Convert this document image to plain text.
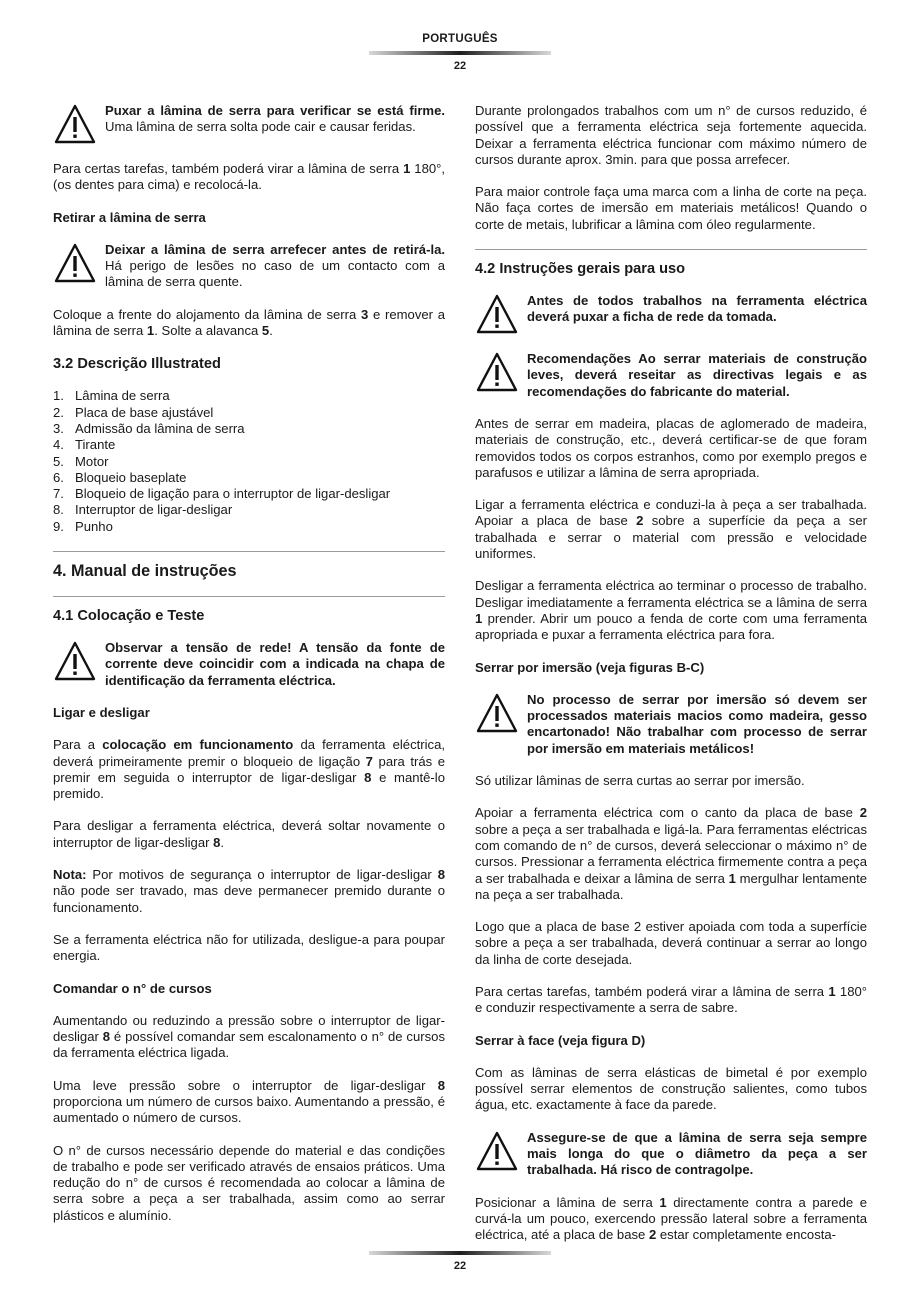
PORTUGUÊS
22
Puxar a lâmina de serra para verificar se está firme. Uma lâmina de serra solta pode cair e causar feridas.

Para certas tarefas, também poderá virar a lâmina de serra 1 180°, (os dentes para cima) e recolocá-la.

Retirar a lâmina de serra
Deixar a lâmina de serra arrefecer antes de retirá-la. Há perigo de lesões no caso de um contacto com a lâmina de serra quente.

Coloque a frente do alojamento da lâmina de serra 3 e remover a lâmina de serra 1. Solte a alavanca 5.

3.2 Descrição Illustrated
1. Lâmina de serra
2. Placa de base ajustável
3. Admissão da lâmina de serra
4. Tirante
5. Motor
6. Bloqueio baseplate
7. Bloqueio de ligação para o interruptor de ligar-desligar
8. Interruptor de ligar-desligar
9. Punho
4. Manual de instruções
4.1 Colocação e Teste
Observar a tensão de rede! A tensão da fonte de corrente deve coincidir com a indicada na chapa de identificação da ferramenta eléctrica.
Ligar e desligar

Para a colocação em funcionamento da ferramenta eléctrica, deverá primeiramente premir o bloqueio de ligação 7 para trás e premir em seguida o interruptor de ligar-desligar 8 e mantê-lo premido.

Para desligar a ferramenta eléctrica, deverá soltar novamente o interruptor de ligar-desligar 8.

Nota: Por motivos de segurança o interruptor de ligar-desligar 8 não pode ser travado, mas deve permanecer premido durante o funcionamento.

Se a ferramenta eléctrica não for utilizada, desligue-a para poupar energia.

Comandar o n° de cursos

Aumentando ou reduzindo a pressão sobre o interruptor de ligar-desligar 8 é possível comandar sem escalonamento o n° de cursos da ferramenta eléctrica ligada.

Uma leve pressão sobre o interruptor de ligar-desligar 8 proporciona um número de cursos baixo. Aumentando a pressão, é aumentado o número de cursos.

O n° de cursos necessário depende do material e das condições de trabalho e pode ser verificado através de ensaios práticos. Uma redução do n° de cursos é recomendada ao colocar a lâmina de serra sobre a peça a ser trabalhada, assim como ao serrar plásticos e alumínio.

Durante prolongados trabalhos com um n° de cursos reduzido, é possível que a ferramenta eléctrica seja fortemente aquecida. Deixar a ferramenta eléctrica funcionar com máximo número de cursos durante aprox. 3min. para que possa arrefecer.

Para maior controle faça uma marca com a linha de corte na peça. Não faça cortes de imersão em materiais metálicos! Quando o corte de metais, lubrificar a lâmina com óleo regularmente.

4.2 Instruções gerais para uso
Antes de todos trabalhos na ferramenta eléctrica deverá puxar a ficha de rede da tomada.
Recomendações Ao serrar materiais de construção leves, deverá reseitar as directivas legais e as recomendações do fabricante do material.

Antes de serrar em madeira, placas de aglomerado de madeira, materiais de construção, etc., deverá certificar-se de que foram removidos todos os corpos estranhos, como por exemplo pregos e parafusos e utilizar a lâmina de serra apropriada.

Ligar a ferramenta eléctrica e conduzi-la à peça a ser trabalhada. Apoiar a placa de base 2 sobre a superfície da peça a ser trabalhada e serrar o material com pressão e velocidade uniformes.

Desligar a ferramenta eléctrica ao terminar o processo de trabalho. Desligar imediatamente a ferramenta eléctrica se a lâmina de serra 1 prender. Abrir um pouco a fenda de corte com uma ferramenta apropriada e puxar a ferramenta eléctrica para fora.

Serrar por imersão (veja figuras B-C)
No processo de serrar por imersão só devem ser processados materiais macios como madeira, gesso encartonado! Não trabalhar com processo de serrar por imersão em materiais metálicos!

Só utilizar lâminas de serra curtas ao serrar por imersão.

Apoiar a ferramenta eléctrica com o canto da placa de base 2 sobre a peça a ser trabalhada e ligá-la. Para ferramentas eléctricas com comando de n° de cursos, deverá seleccionar o máximo n° de cursos. Pressionar a ferramenta eléctrica firmemente contra a peça a ser trabalhada e deixar a lâmina de serra 1 mergulhar lentamente na peça a ser trabalhada.

Logo que a placa de base 2 estiver apoiada com toda a superfície sobre a peça a ser trabalhada, deverá continuar a serrar ao longo da linha de corte desejada.

Para certas tarefas, também poderá virar a lâmina de serra 1 180° e conduzir respectivamente a serra de sabre.

Serrar à face (veja figura D)

Com as lâminas de serra elásticas de bimetal é por exemplo possível serrar elementos de construção salientes, como tubos água, etc. exactamente à face da parede.

Assegure-se de que a lâmina de serra seja sempre mais longa do que o diâmetro da peça a ser trabalhada. Há risco de contragolpe.

Posicionar a lâmina de serra 1 directamente contra a parede e curvá-la um pouco, exercendo pressão lateral sobre a ferramenta eléctrica, até a placa de base 2 estar completamente encosta-

22
